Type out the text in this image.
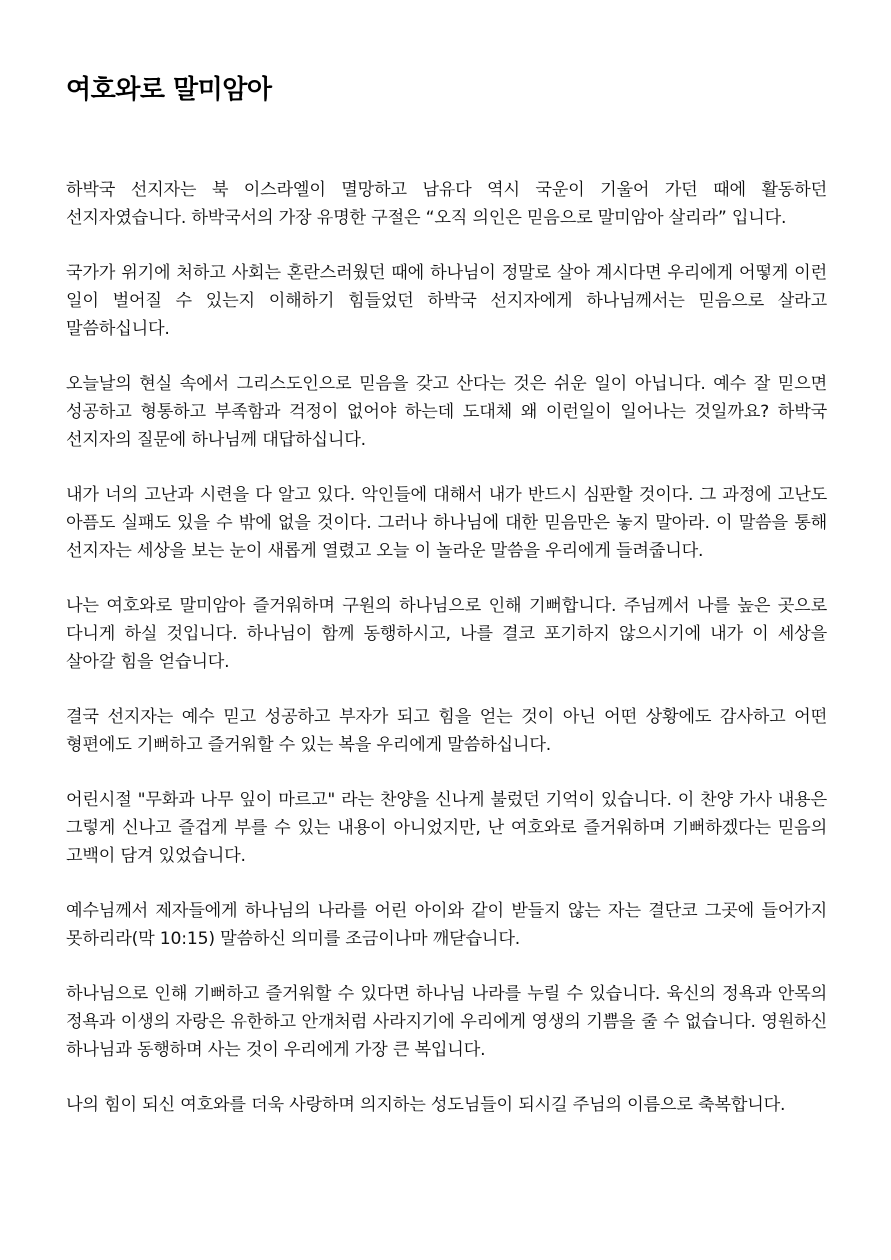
여호와로 말미암아

하박국 선지자는 북 이스라엘이 멸망하고 남유다 역시 국운이 기울어 가던 때에 활동하던 선지자였습니다. 하박국서의 가장 유명한 구절은 “오직 의인은 믿음으로 말미암아 살리라” 입니다.

국가가 위기에 처하고 사회는 혼란스러웠던 때에 하나님이 정말로 살아 계시다면 우리에게 어떻게 이런 일이 벌어질 수 있는지 이해하기 힘들었던 하박국 선지자에게 하나님께서는 믿음으로 살라고 말씀하십니다.

오늘날의 현실 속에서 그리스도인으로 믿음을 갖고 산다는 것은 쉬운 일이 아닙니다. 예수 잘 믿으면 성공하고 형통하고 부족함과 걱정이 없어야 하는데 도대체 왜 이런일이 일어나는 것일까요? 하박국 선지자의 질문에 하나님께 대답하십니다.

내가 너의 고난과 시련을 다 알고 있다. 악인들에 대해서 내가 반드시 심판할 것이다. 그 과정에 고난도 아픔도 실패도 있을 수 밖에 없을 것이다. 그러나 하나님에 대한 믿음만은 놓지 말아라. 이 말씀을 통해 선지자는 세상을 보는 눈이 새롭게 열렸고 오늘 이 놀라운 말씀을 우리에게 들려줍니다.

나는 여호와로 말미암아 즐거워하며 구원의 하나님으로 인해 기뻐합니다. 주님께서 나를 높은 곳으로 다니게 하실 것입니다. 하나님이 함께 동행하시고, 나를 결코 포기하지 않으시기에 내가 이 세상을 살아갈 힘을 얻습니다.

결국 선지자는 예수 믿고 성공하고 부자가 되고 힘을 얻는 것이 아닌 어떤 상황에도 감사하고 어떤 형편에도 기뻐하고 즐거워할 수 있는 복을 우리에게 말씀하십니다.

어린시절 "무화과 나무 잎이 마르고" 라는 찬양을 신나게 불렀던 기억이 있습니다. 이 찬양 가사 내용은 그렇게 신나고 즐겁게 부를 수 있는 내용이 아니었지만, 난 여호와로 즐거워하며 기뻐하겠다는 믿음의 고백이 담겨 있었습니다.

예수님께서 제자들에게 하나님의 나라를 어린 아이와 같이 받들지 않는 자는 결단코 그곳에 들어가지 못하리라(막 10:15) 말씀하신 의미를 조금이나마 깨닫습니다.

하나님으로 인해 기뻐하고 즐거워할 수 있다면 하나님 나라를 누릴 수 있습니다. 육신의 정욕과 안목의 정욕과 이생의 자랑은 유한하고 안개처럼 사라지기에 우리에게 영생의 기쁨을 줄 수 없습니다. 영원하신 하나님과 동행하며 사는 것이 우리에게 가장 큰 복입니다.

나의 힘이 되신 여호와를 더욱 사랑하며 의지하는 성도님들이 되시길 주님의 이름으로 축복합니다.
